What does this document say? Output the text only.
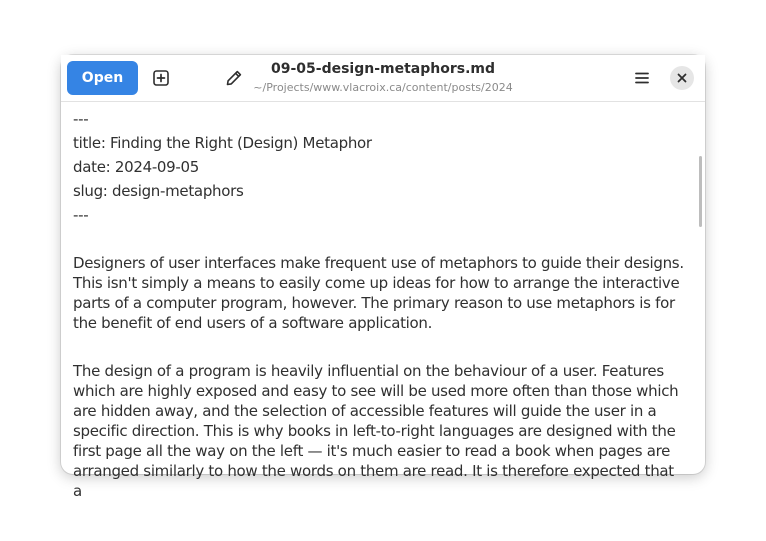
Open
09-05-design-metaphors.md
~/Projects/www.vlacroix.ca/content/posts/2024
---
title: Finding the Right (Design) Metaphor
date: 2024-09-05
slug: design-metaphors
---

Designers of user interfaces make frequent use of metaphors to guide their designs. This isn't simply a means to easily come up ideas for how to arrange the interactive parts of a computer program, however. The primary reason to use metaphors is for the benefit of end users of a software application.

The design of a program is heavily influential on the behaviour of a user. Features which are highly exposed and easy to see will be used more often than those which are hidden away, and the selection of accessible features will guide the user in a specific direction. This is why books in left-to-right languages are designed with the first page all the way on the left — it's much easier to read a book when pages are arranged similarly to how the words on them are read. It is therefore expected that a
